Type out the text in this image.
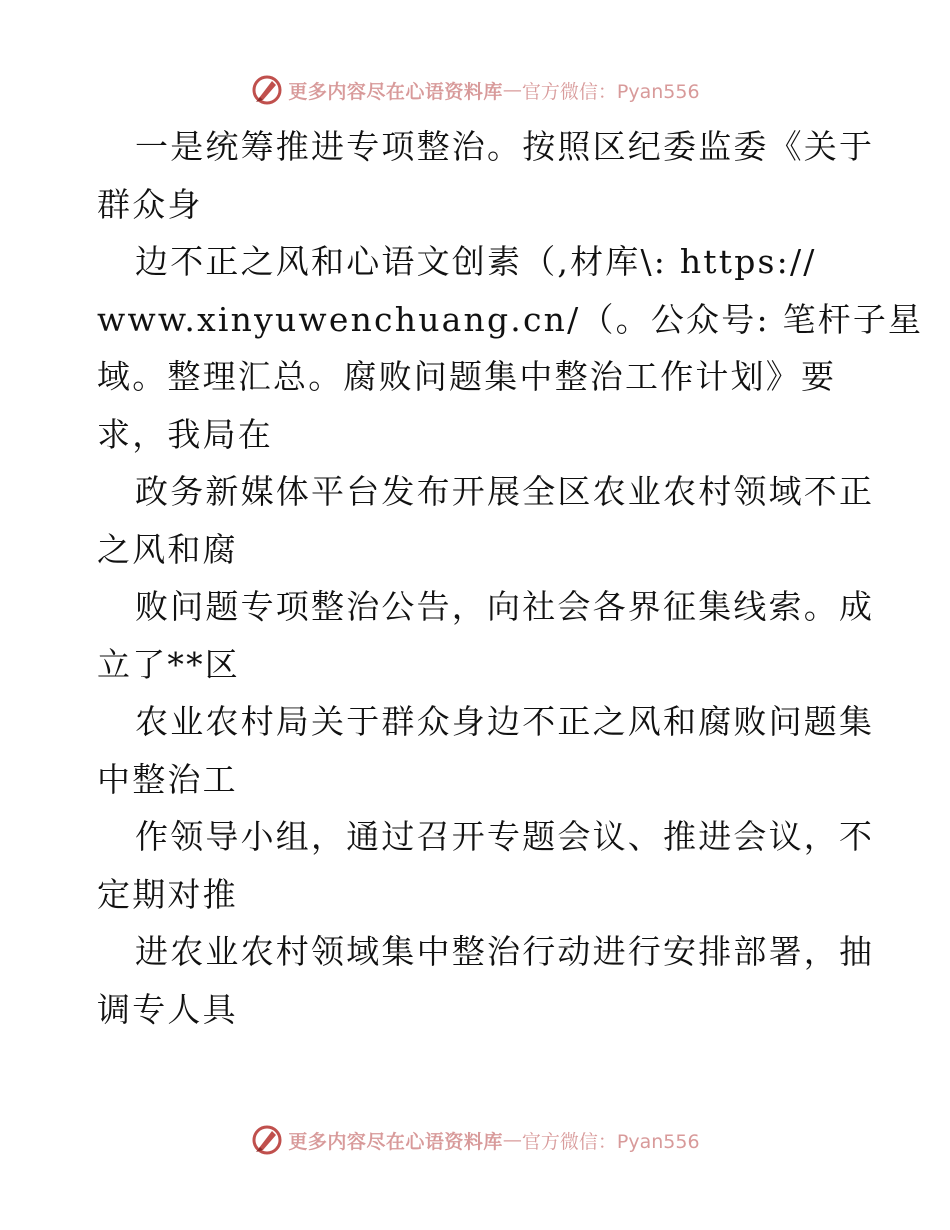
更多内容尽在心语资料库 — 官方微信：Pyan556
一是统筹推进专项整治。按照区纪委监委《关于
群众身
边不正之风和心语文创素（,材库\: https://
www.xinyuwenchuang.cn/（。公众号: 笔杆子星
域。整理汇总。腐败问题集中整治工作计划》要
求，我局在
政务新媒体平台发布开展全区农业农村领域不正
之风和腐
败问题专项整治公告，向社会各界征集线索。成
立了**区
农业农村局关于群众身边不正之风和腐败问题集
中整治工
作领导小组，通过召开专题会议、推进会议，不
定期对推
进农业农村领域集中整治行动进行安排部署，抽
调专人具
更多内容尽在心语资料库 — 官方微信：Pyan556
